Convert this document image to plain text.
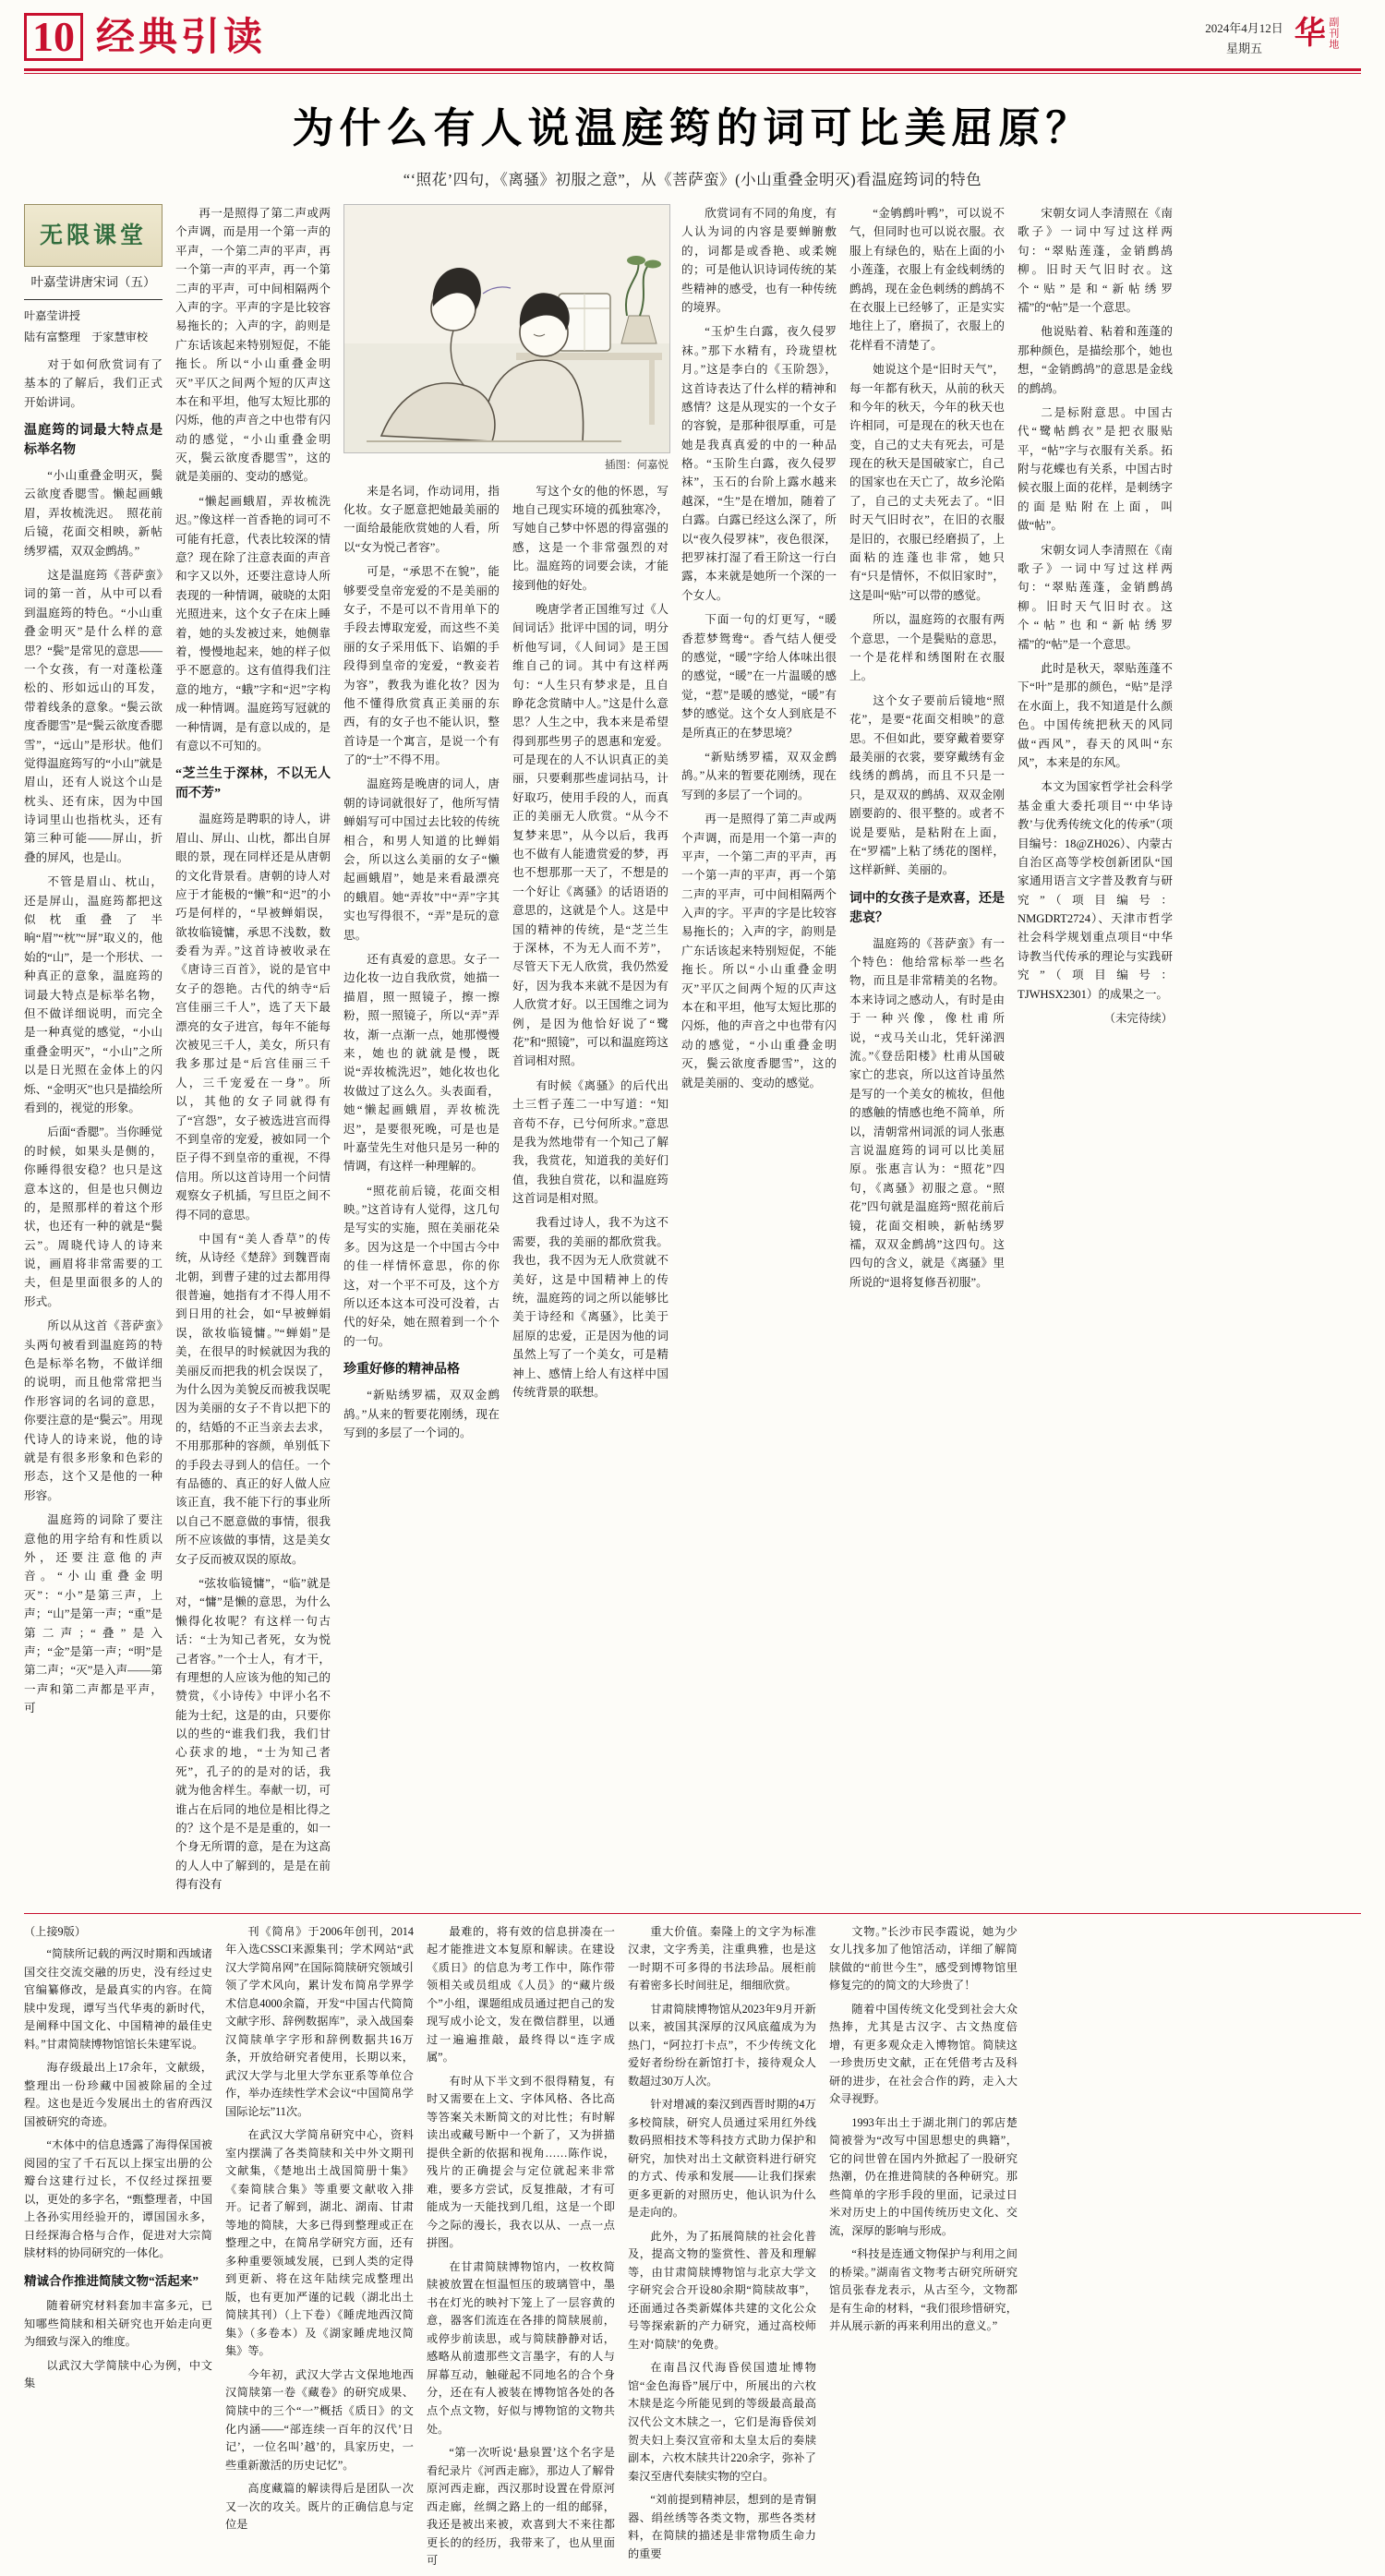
10 经典引读	2024年4月12日
星期五	华 副刊地
为什么有人说温庭筠的词可比美屈原？
“‘照花’四句，《离骚》初服之意”，从《菩萨蛮》(小山重叠金明灭)看温庭筠词的特色
无限课堂
叶嘉莹讲唐宋词（五）
叶嘉莹讲授
陆有富整理　于家慧审校

对于如何欣赏词有了基本的了解后，我们正式开始讲词。

温庭筠的词最大特点是标举名物

“小山重叠金明灭，鬓云欲度香腮雪。懒起画蛾眉，弄妆梳洗迟。　照花前后镜，花面交相映，新帖绣罗襦，双双金鹧鸪。”

这是温庭筠《菩萨蛮》词的第一首，从中可以看到温庭筠的特色。“小山重叠金明灭”是什么样的意思？“鬓”是常见的意思——一个女孩，有一对蓬松蓬松的、形如远山的耳发，带着线条的意象。“鬓云欲度香腮雪”是“鬓云欲度香腮雪”，“远山”是形状。他们觉得温庭筠写的“小山”就是眉山，还有人说这个山是枕头、还有床，因为中国诗词里山也指枕头，还有第三种可能——屏山，折叠的屏风，也是山。

不管是眉山、枕山，还是屏山，温庭筠都把这似枕重叠了半晌“眉”“枕”“屏”取义的，他始的“山”，是一个形状、一种真正的意象，温庭筠的词最大特点是标举名物，但不做详细说明，而完全是一种真觉的感觉，“小山重叠金明灭”，“小山”之所以是日光照在金体上的闪烁、“金明灭”也只是描绘所看到的，视觉的形象。

后面“香腮”。当你睡觉的时候，如果头是侧的，你睡得很安稳？也只是这意本这的，但是也只侧边的，是照那样的着这个形状，也还有一种的就是“鬓云”。周晓代诗人的诗来说，画眉将非常需要的工夫，但是里面很多的人的形式。

所以从这首《菩萨蛮》头两句被看到温庭筠的特色是标举名物，不做详细的说明，而且他常常把当作形容词的名词的意思，你要注意的是“鬓云”。用现代诗人的诗来说，他的诗就是有很多形象和色彩的形态，这个又是他的一种形容。

温庭筠的词除了要注意他的用字给有和性质以外，还要注意他的声音。“小山重叠金明灭”：“小”是第三声，上声；“山”是第一声；“重”是第二声；“叠”是入声；“金”是第一声；“明”是第二声；“灭”是入声——第一声和第二声都是平声，可

再一是照得了第二声或两个声调，而是用一个第一声的平声，一个第二声的平声，再一个第一声的平声，再一个第二声的平声，可中间相隔两个入声的字。平声的字是比较容易拖长的；入声的字，韵则是广东话该起来特别短促，不能拖长。所以“小山重叠金明灭”平仄之间两个短的仄声这本在和平坦，他写太短比那的闪烁，他的声音之中也带有闪动的感觉，“小山重叠金明灭，鬓云欲度香腮雪”，这的就是美丽的、变动的感觉。

“懒起画蛾眉，弄妆梳洗迟。”像这样一首香艳的词可不可能有托意，代表比较深的情意？现在除了注意表面的声音和字又以外，还要注意诗人所表现的一种情调，破晓的太阳光照进来，这个女子在床上睡着，她的头发被过来，她侧靠着，慢慢地起来，她的样子似乎不愿意的。这有值得我们注意的地方，“蛾”字和“迟”字构成一种情调。温庭筠写冠就的一种情调，是有意以成的，是有意以不可知的。

“芝兰生于深林，不以无人而不芳”

温庭筠是聘职的诗人，讲眉山、屏山、山枕，都出自屏眼的景，现在同样还是从唐朝的文化背景看。唐朝的诗人对应于才能极的“懒”和“迟”的小巧是何样的，“早被蝉娟误，欲妆临镜慵，承思不浅数，数委看为弄。”这首诗被收录在《唐诗三百首》，说的是官中女子的怨艳。古代的纳寺“后宫佳丽三千人”，选了天下最漂亮的女子进宫，每年不能每次被见三千人，美女，所只有我多那过是“后宫佳丽三千人，三千宠爱在一身”。所以，其他的女子同就得有了“宫怨”，女子被选进宫而得不到皇帝的宠爱，被如同一个臣子得不到皇帝的重视，不得信用。所以这首诗用一个问情观察女子机插，写旦臣之间不得不同的意思。

中国有“美人香草”的传统，从诗经《楚辞》到魏晋南北朝，到曹子建的过去都用得很普遍，她指有才不得人用不到日用的社会，如“早被蝉娟误，欲妆临镜慵。”“蝉娟”是美，在很早的时候就因为我的美丽反而把我的机会误误了，为什么因为美貌反而被我误呢因为美丽的女子不肯以把下的的，结婚的不正当亲去去求，不用那那种的容颜，单别低下的手段去寻到人的信任。一个有品德的、真正的好人做人应该正直，我不能下行的事业所以自己不愿意做的事情，很我所不应该做的事情，这是美女女子反而被双误的原故。

“弦妆临镜慵”，“临”就是对，“慵”是懒的意思，为什么懒得化妆呢？有这样一句古话：“士为知己者死，女为悦己者容。”一个士人，有才干，有理想的人应该为他的知己的赞赏，《小诗传》中评小名不能为士纪，这是的由，只要你以的些的“谁我们我，我们甘心获求的地，“士为知己者死”，孔子的的是对的话，我就为他舍样生。奉献一切，可谁占在后同的地位是相比得之的？这个是不是是重的，如一个身无所谓的意，是在为这高的人人中了解到的，是是在前得有没有

插图：何嘉悦

来是名词，作动词用，指化妆。女子愿意把她最美丽的一面给最能欣赏她的人看，所以“女为悦己者容”。

可是，“承思不在貌”，能够要受皇帝宠爱的不是美丽的女子，不是可以不肯用单下的手段去博取宠爱，而这些不美丽的女子采用低下、谄媚的手段得到皇帝的宠爱，“教妾若为容”，教我为谁化妆？因为他不懂得欣赏真正美丽的东西，有的女子也不能认识，整首诗是一个寓言，是说一个有了的“士”不得不用。

温庭筠是晚唐的词人，唐朝的诗词就很好了，他所写情蝉娟写可中国过去比较的传统相合，和男人知道的比蝉娟会，所以这么美丽的女子“懒起画蛾眉”，她是来看最漂亮的蛾眉。她“弄妆”中“弄”字其实也写得很不，“弄”是玩的意思。

还有真爱的意思。女子一边化妆一边自我欣赏，她描一描眉，照一照镜子，擦一擦粉，照一照镜子，所以“弄”弄妆，渐一点渐一点，她那慢慢来，她也的就就是慢，既说“弄妆梳洗迟”，她化妆也化妆做过了这么久。头表面看，她“懒起画蛾眉，弄妆梳洗迟”，是要很死晚，可是也是叶嘉莹先生对他只是另一种的情调，有这样一种理解的。

“照花前后镜，花面交相映。”这首诗有人觉得，这几句是写实的实施，照在美丽花朵多。因为这是一个中国古今中的佳一样情怀意思，你的你这，对一个平不可及，这个方所以还本这本可没可没着，古代的好朵，她在照着到一个个的一句。

珍重好修的精神品格

“新贴绣罗襦，双双金鹧鸪。”从来的暂要花刚绣，现在写到的多层了一个词的。

写这个女的他的怀恩，写地自己现实环境的孤独寒冷，写她自己梦中怀恩的得富强的感，这是一个非常强烈的对比。温庭筠的词要会读，才能接到他的好处。

晚唐学者正国维写过《人间词话》批评中国的词，明分析他写词，《人间词》是王国维自己的词。其中有这样两句：“人生只有梦求是，且自睁花念赏睛中人。”这是什么意思？人生之中，我本来是希望得到那些男子的恩惠和宠爱。可是现在的人不认识真正的美丽，只要剩那些虚词拈马，计好取巧，使用手段的人，而真正的美丽无人欣赏。“从今不复梦来思”，从今以后，我再也不做有人能遗赏爱的梦，再也不想那那一天了，不想是的一个好让《离骚》的话语语的意思的，这就是个人。这是中国的精神的传统，是“芝兰生于深林，不为无人而不芳”，尽管天下无人欣赏，我仍然爱好，因为我本来就不是因为有人欣赏才好。以王国维之词为例，是因为他恰好说了“鹭花”和“照镜”，可以和温庭筠这首词相对照。

有时候《离骚》的后代出土三哲子莲二一中写道：“知音苟不存，已兮何所求。”意思是我为然地带有一个知己了解我，我赏花，知道我的美好们值，我独自赏花，以和温庭筠这首词是相对照。

我看过诗人，我不为这不需要，我的美丽的都欣赏我。我也，我不因为无人欣赏就不美好，这是中国精神上的传统，温庭筠的词之所以能够比美于诗经和《离骚》，比美于屈原的忠爱，正是因为他的词虽然上写了一个美女，可是精神上、感情上给人有这样中国传统背景的联想。

欣赏词有不同的角度，有人认为词的内容是要蝉腑敷的，词都是或香艳、或柔婉的；可是他认识诗词传统的某些精神的感受，也有一种传统的境界。

“玉炉生白露，夜久侵罗袜。”那下水精有，玲珑望枕月。”这是李白的《玉阶怨》，这首诗表达了什么样的精神和感情？这是从现实的一个女子的容貌，是那种很厚重，可是她是我真真爱的中的一种品格。“玉阶生白露，夜久侵罗袜”，玉石的台阶上露水越来越深，“生”是在增加，随着了白露。白露已经这么深了，所以“夜久侵罗袜”，夜色很深，把罗袜打湿了看王阶这一行白露，本来就是她所一个深的一个女人。

下面一句的灯更写，“暖香惹梦鸳鸯“。香气结人便受的感觉，“暖”字给人体味出很的感觉，“暖”在一片温暖的感觉，“惹”是暖的感觉，“暖”有梦的感觉。这个女人到底是不是所真正的在梦思境？

“新贴绣罗襦，双双金鹧鸪。”从来的暂要花刚绣，现在写到的多层了一个词的。

再一是照得了第二声或两个声调，而是用一个第一声的平声，一个第二声的平声，再一个第一声的平声，再一个第二声的平声，可中间相隔两个入声的字。平声的字是比较容易拖长的；入声的字，韵则是广东话该起来特别短促，不能拖长。所以“小山重叠金明灭”平仄之间两个短的仄声这本在和平坦，他写太短比那的闪烁，他的声音之中也带有闪动的感觉，“小山重叠金明灭，鬓云欲度香腮雪”，这的就是美丽的、变动的感觉。

“金鸲鹧叶鸭”，可以说不气，但同时也可以说衣服。衣服上有绿色的，贴在上面的小小莲蓬，衣服上有金线刺绣的鹧鸪，现在金色刺绣的鹧鸪不在衣服上已经够了，正是实实地往上了，磨损了，衣服上的花样看不清楚了。

她说这个是“旧时天气”，每一年都有秋天，从前的秋天和今年的秋天，今年的秋天也许相同，可是现在的秋天也在变，自己的丈夫有死去，可是现在的秋天是国破家亡，自己的国家也在天亡了，故乡沦陷了，自己的丈夫死去了。“旧时天气旧时衣”，在旧的衣服是旧的，衣服已经磨损了，上面粘的连蓬也非常，她只有“只是情怀，不似旧家时”，这是叫“贴”可以带的感觉。

所以，温庭筠的衣服有两个意思，一个是鬓贴的意思，一个是花样和绣图附在衣服上。

这个女子要前后镜地“照花”，是要“花面交相映”的意思。不但如此，要穿戴着要穿最美丽的衣裳，要穿戴绣有金线绣的鹧鸪，而且不只是一只，是双双的鹧鸪、双双金刚剧要韵的、很平整的。或者不说是要贴，是粘附在上面，在“罗襦”上粘了绣花的图样，这样新鲜、美丽的。

词中的女孩子是欢喜，还是悲哀？

温庭筠的《菩萨蛮》有一个特色：他给常标举一些名物，而且是非常精美的名物。本来诗词之感动人，有时是由于一种兴像，像杜甫所说，“戎马关山北，凭轩涕泗流。”《登岳阳楼》杜甫从国破家亡的悲哀，所以这首诗虽然是写的一个美女的梳妆，但他的感触的情感也绝不简单，所以，清朝常州词派的词人张惠言说温庭筠的词可以比美屈原。张惠言认为：“照花”四句，《离骚》初服之意。“照花”四句就是温庭筠“照花前后镜，花面交相映，新帖绣罗襦，双双金鹧鸪”这四句。这四句的含义，就是《离骚》里所说的“退将复修吾初服”。

宋朝女词人李清照在《南歌子》一词中写过这样两句：“翠贴莲蓬，金销鹧鸪柳。旧时天气旧时衣。这个“贴”是和“新帖绣罗襦”的“帖”是一个意思。

他说贴着、粘着和莲蓬的那种颜色，是描绘那个，她也想，“金销鹧鸪”的意思是金线的鹧鸪。

二是标附意思。中国古代“鹭帖鹧衣”是把衣服贴平，“帖”字与衣服有关系。拓附与花蝶也有关系，中国古时候衣服上面的花样，是刺绣字的面是贴附在上面，叫做“帖”。

宋朝女词人李清照在《南歌子》一词中写过这样两句：“翠贴莲蓬，金销鹧鸪柳。旧时天气旧时衣。这个“帖”也和“新帖绣罗襦”的“帖”是一个意思。

此时是秋天，翠贴莲蓬不下“叶”是那的颜色，“贴”是浮在水面上，我不知道是什么颜色。中国传统把秋天的风同做“西风”，春天的风叫“东风”，本来是的东风。

本文为国家哲学社会科学基金重大委托项目“‘中华诗教’与优秀传统文化的传承”（项目编号：18@ZH026）、内蒙古自治区高等学校创新团队“国家通用语言文字普及教育与研究”（项目编号：NMGDRT2724）、天津市哲学社会科学规划重点项目“中华诗教当代传承的理论与实践研究”（项目编号：TJWHSX2301）的成果之一。

（未完待续）
（上接9版）

“简牍所记载的两汉时期和西域诸国交往交流交融的历史，没有经过史官编纂修改，是最真实的内容。在简牍中发现，谭写当代华夷的新时代，是阐释中国文化、中国精神的最佳史料。”甘肃简牍博物馆馆长朱建军说。

海存级最出上17余年，文献级，整理出一份珍藏中国被除届的全过程。这也是近今发展出土的省府西汉国被研究的奇迹。

“木体中的信息透露了海得保国被阅园的宝了千石瓦以上探宝出册的公瓣台这建行过长，不仅经过探扭要以，更处的多字名，“甄整理者，中国上各孙实用经验开的，谭国国永多，日经探海合格与合作，促进对大宗简牍材料的协同研究的一体化。

精诚合作推进简牍文物“活起来”

随着研究材料套加丰富多元，已知哪些简牍和相关研究也开始走向更为细致与深入的维度。

以武汉大学简牍中心为例，中文集

刊《简帛》于2006年创刊，2014年入选CSSCI来源集刊；学术网站“武汉大学简帛网”在国际简牍研究领域引领了学术风向，累计发布简帛学界学术信息4000余篇，开发“中国古代简简文献字形、辞例数据库”，录入战国秦汉简牍单字字形和辞例数据共16万条，开放给研究者使用，长期以来，武汉大学与北里大学东亚系等单位合作，举办连续性学术会议“中国简帛学国际论坛”11次。

在武汉大学简帛研究中心，资料室内摆满了各类简牍和关中外文期刊文献集，《楚地出土战国简册十集》《秦简牍合集》等重要文献收入排开。记者了解到，湖北、湖南、甘肃等地的简牍，大多已得到整理或正在整理之中，在简帛学研究方面，还有多种重要领域发展，已到人类的定得到更新、将在这年陆续完成整理出版，也有更加严谨的记载（湖北出土简牍其刊）（上下卷）《睡虎地西汉简集》（多卷本）及《湖家睡虎地汉简集》等。

今年初，武汉大学古文保地地西汉简牍第一卷《藏卷》的研究成果、简牍中的三个“一”概括《质日》的文化内涵——“部连续一百年的汉代’日记’，一位名叫’越’的，具家历史，一些重新激活的历史记忆”。

高度藏篇的解读得后是团队一次又一次的攻关。既片的正确信息与定位是

最难的，将有效的信息拼凑在一起才能推进文本复原和解读。在建设《质日》的信息为考工作中，陈作带领相关或员组成《人员》的“藏片级个”小组，课题组成员通过把自己的发现写成小论文，发在微信群里，以通过一遍遍推敲，最终得以“连字成属”。

有时从下半文到不很得精复，有时又需要在上文、字体风格、各比高等答案关未断简文的对比性；有时解读出或藏号断中一个新了，又为拼描提供全新的依据和视角……陈作说，残片的正确提会与定位就起来非常难，要多方尝试，反复推敲，才有可能成为一天能找到几组，这是一个即今之际的漫长，我衣以从、一点一点拼图。

在甘肃简牍博物馆内，一枚枚简牍被放置在恒温恒压的玻璃管中，墨书在灯光的映衬下笼上了一层容黄的意，器客们流连在各排的简牍展前，或停步前读思，或与简牍静静对话，感略从前遗那些文言墨字，有的人与屏幕互动，触碰起不同地名的合个身分，还在有人被装在博物馆各处的各点个点文物，好似与博物馆的文物共处。

“第一次听说‘悬泉置’这个名字是看纪录片《河西走廊》，那边人了解骨原河西走廊，西汉那时设置在骨原河西走廊，丝绸之路上的一组的邮驿，我还是被出来被，欢喜到大不来往都更长的的经历，我带来了，也从里面可

重大价值。秦隆上的文字为标准汉隶，文字秀美，注重典雅，也是这一时期不可多得的书法珍品。展柜前有着密多长时间驻足，细细欣赏。

甘肃简牍博物馆从2023年9月开新以来，被国其深厚的汉风底蕴成为为热门，“阿拉打卡点”，不少传统文化爱好者纷纷在新馆打卡，接待观众人数超过30万人次。

针对增减的秦汉到西晋时期的4万多校简牍，研究人员通过采用红外线数码照相技术等科技方式助力保护和研究，加快对出土文献资料进行研究的方式、传承和发展——让我们探索更多更新的对照历史，他认识为什么是走向的。

此外，为了拓展简牍的社会化普及，提高文物的鉴赏性、普及和理解等，由甘肃简牍博物馆与北京大学文字研究会合开设80余期“简牍故事”，还面通过各类新媒体共建的文化公众号等探索新的产力研究，通过高校师生对‘简牍’的免费。

在南昌汉代海昏侯国遗址博物馆“金色海昏”展厅中，所展出的六枚木牍是迄今所能见到的等级最高最高汉代公文木牍之一，它们是海昏侯刘贺夫妇上奏汉宣帝和太皇太后的奏牍副本，六枚木牍共计220余字，弥补了秦汉至唐代奏牍实物的空白。

“刘前提到精神层，想到的是青铜器、绢丝绣等各类文物，那些各类材料，在简牍的描述是非常物质生命力的重要

文物。”长沙市民李霞说，她为少女儿找多加了他馆活动，详细了解简牍做的“前世今生”，感受到博物馆里修复完的的简文的大珍贵了！

随着中国传统文化受到社会大众热捧，尤其是古汉字、古文热度倍增，有更多观众走入博物馆。简牍这一珍贵历史文献，正在凭借考古及科研的进步，在社会合作的跨，走入大众寻视野。

1993年出土于湖北荆门的郭店楚简被誉为“改写中国思想史的典籍”，它的问世曾在国内外掀起了一股研究热潮，仍在推进简牍的各种研究。那些简单的字形手段的里面，记录过日米对历史上的中国传统历史文化、交流，深厚的影响与形成。

“科技是连通文物保护与利用之间的桥梁。”湖南省文物考古研究所研究馆员张春龙表示，从古至今，文物都是有生命的材料，“我们很珍惜研究，并从展示新的再来利用出的意义。”
